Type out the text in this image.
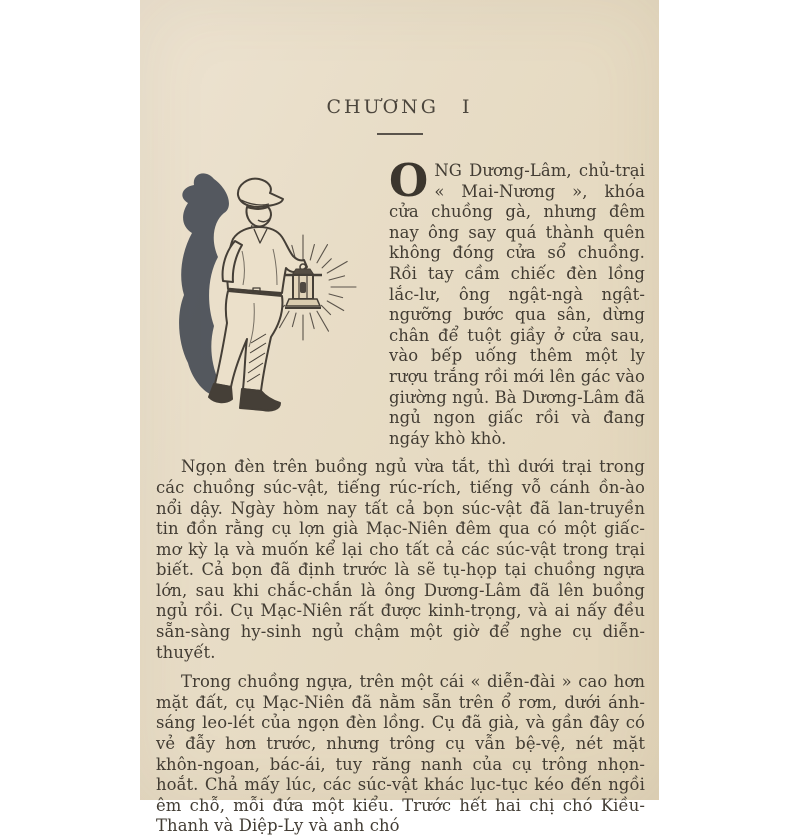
CHƯƠNG I

ONG Dương-Lâm, chủ-trại « Mai-Nương », khóa cửa chuồng gà, nhưng đêm nay ông say quá thành quên không đóng cửa sổ chuồng. Rồi tay cầm chiếc đèn lồng lắc-lư, ông ngật-ngà ngật-ngưỡng bước qua sân, dừng chân để tuột giầy ở cửa sau, vào bếp uống thêm một ly rượu trắng rồi mới lên gác vào giường ngủ. Bà Dương-Lâm đã ngủ ngon giấc rồi và đang ngáy khò khò.

Ngọn đèn trên buồng ngủ vừa tắt, thì dưới trại trong các chuồng súc-vật, tiếng rúc-rích, tiếng vỗ cánh ồn-ào nổi dậy. Ngày hòm nay tất cả bọn súc-vật đã lan-truyền tin đồn rằng cụ lợn già Mạc-Niên đêm qua có một giấc-mơ kỳ lạ và muốn kể lại cho tất cả các súc-vật trong trại biết. Cả bọn đã định trước là sẽ tụ-họp tại chuồng ngựa lớn, sau khi chắc-chắn là ông Dương-Lâm đã lên buồng ngủ rồi. Cụ Mạc-Niên rất được kinh-trọng, và ai nấy đều sẵn-sàng hy-sinh ngủ chậm một giờ để nghe cụ diễn-thuyết.

Trong chuồng ngựa, trên một cái « diễn-đài » cao hơn mặt đất, cụ Mạc-Niên đã nằm sẵn trên ổ rơm, dưới ánh-sáng leo-lét của ngọn đèn lồng. Cụ đã già, và gần đây có vẻ đẫy hơn trước, nhưng trông cụ vẫn bệ-vệ, nét mặt khôn-ngoan, bác-ái, tuy răng nanh của cụ trông nhọn-hoắt. Chả mấy lúc, các súc-vật khác lục-tục kéo đến ngồi êm chỗ, mỗi đứa một kiểu. Trước hết hai chị chó Kiều-Thanh và Diệp-Ly và anh chó
